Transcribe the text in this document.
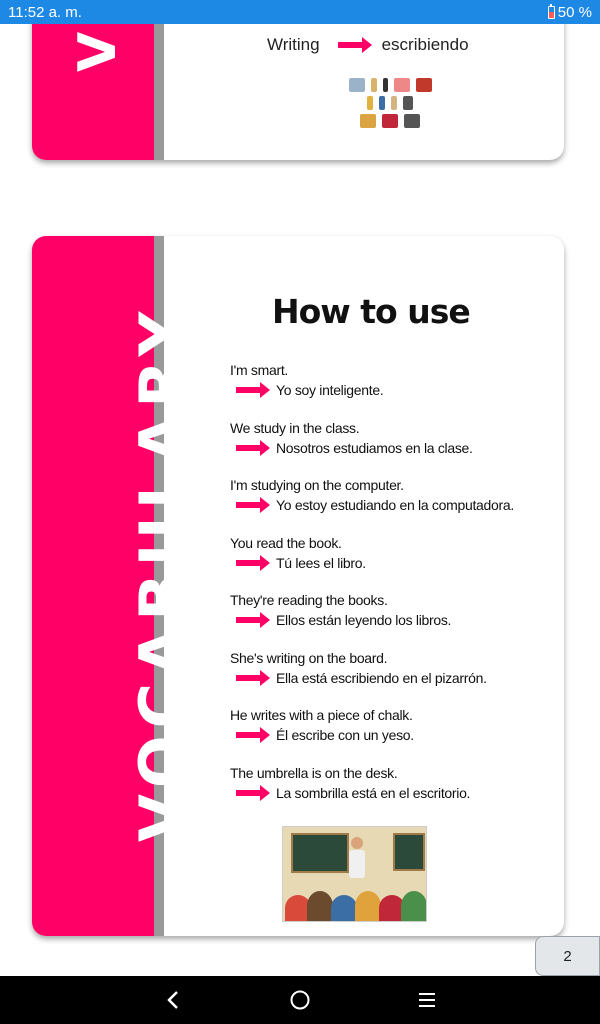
11:52 a. m.	50 %
V	Writing	escribiendo
VOCABULARY How to use
I'm smart.
Yo soy inteligente.
We study in the class.
Nosotros estudiamos en la clase.
I'm studying on the computer.
Yo estoy estudiando en la computadora.
You read the book.
Tú lees el libro.
They're reading the books.
Ellos están leyendo los libros.
She's writing on the board.
Ella está escribiendo en el pizarrón.
He writes with a piece of chalk.
Él escribe con un yeso.
The umbrella is on the desk.
La sombrilla está en el escritorio.
2
